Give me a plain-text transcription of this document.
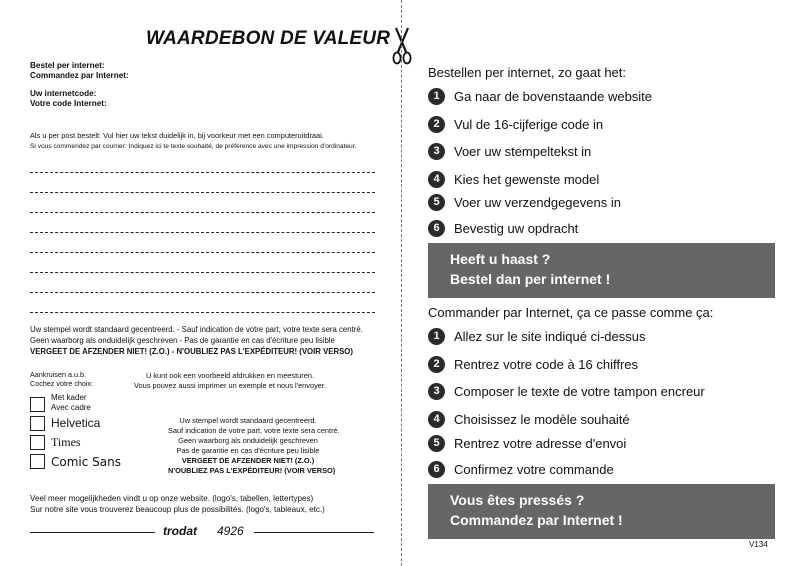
WAARDEBON DE VALEUR
Bestel per internet:
Commandez par Internet:
Uw internetcode:
Votre code Internet:
Als u per post bestelt: Vul hier uw tekst duidelijk in, bij voorkeur met een computeruitdraai.
Si vous commendez par courrier: Indiquez ici te texte souhaité, de préférence avec une impression d'ordinateur.
Uw stempel wordt standaard gecentreerd. - Sauf indication de votre part, votre texte sera centré.
Geen waarborg als onduidelijk geschreven - Pas de garantie en cas d'écriture peu lisible
VERGEET DE AFZENDER NIET! (Z.O.) - N'OUBLIEZ PAS L'EXPÉDITEUR! (VOIR VERSO)
Aankruisen a.u.b.
Cochez votre choix:
Met kader
Avec cadre
Helvetica
Times
Comic Sans
U kunt ook een voorbeeld afdrukken en meesturen.
Vous pouvez aussi imprimer un exemple et nous l'envoyer.
Uw stempel wordt standaard gecentreerd.
Sauf indication de votre part, votre texte sera centré.
Geen waarborg als onduidelijk geschreven
Pas de garantie en cas d'écriture peu lisible
VERGEET DE AFZENDER NIET! (Z.O.)
N'OUBLIEZ PAS L'EXPÉDITEUR! (VOIR VERSO)
Veel meer mogelijkheden vindt u op onze website. (logo's, tabellen, lettertypes)
Sur notre site vous trouverez beaucoup plus de possibilités. (logo's, tableaux, etc.)
trodat 4926
Bestellen per internet, zo gaat het:
1	Ga naar de bovenstaande website
2	Vul de 16-cijferige code in
3	Voer uw stempeltekst in
4	Kies het gewenste model
5	Voer uw verzendgegevens in
6	Bevestig uw opdracht
Heeft u haast ?
Bestel dan per internet !
Commander par Internet, ça ce passe comme ça:
1	Allez sur le site indiqué ci-dessus
2	Rentrez votre code à 16 chiffres
3	Composer le texte de votre tampon encreur
4	Choisissez le modèle souhaité
5	Rentrez votre adresse d'envoi
6	Confirmez votre commande
Vous êtes pressés ?
Commandez par Internet !
V134
